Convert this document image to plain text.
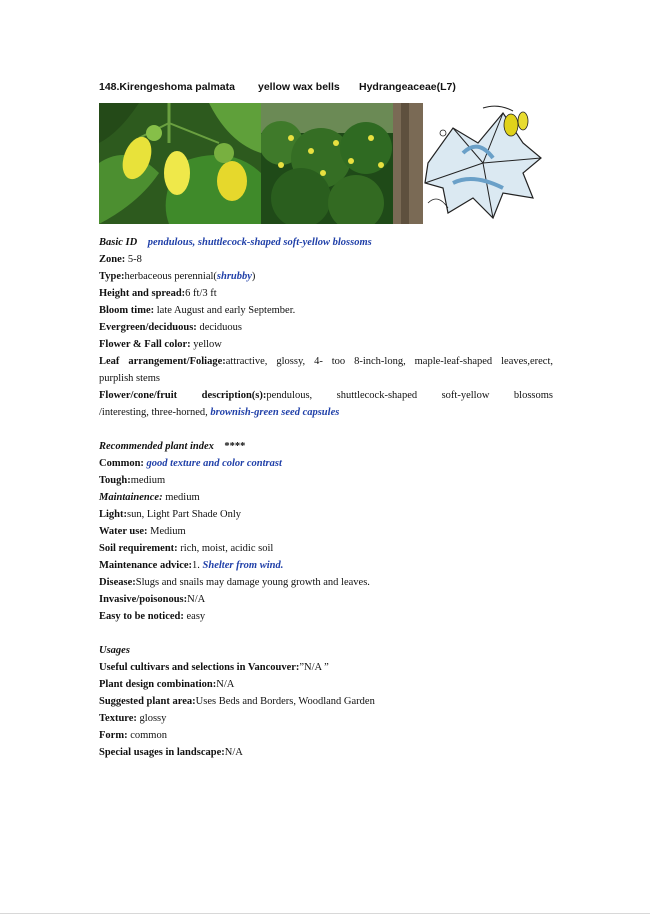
148.Kirengeshoma palmata yellow wax bells Hydrangeaceae(L7)
Basic ID pendulous, shuttlecock-shaped soft-yellow blossoms
Zone: 5-8
Type:herbaceous perennial(shrubby)
Height and spread:6 ft/3 ft
Bloom time: late August and early September.
Evergreen/deciduous: deciduous
Flower & Fall color: yellow
Leaf arrangement/Foliage:attractive, glossy, 4- too 8-inch-long, maple-leaf-shaped leaves,erect,
purplish stems
Flower/cone/fruit description(s):pendulous, shuttlecock-shaped soft-yellow blossoms
/interesting, three-horned, brownish-green seed capsules
Recommended plant index ****
Common: good texture and color contrast
Tough:medium
Maintainence: medium
Light:sun, Light Part Shade Only
Water use: Medium
Soil requirement: rich, moist, acidic soil
Maintenance advice:1. Shelter from wind.
Disease:Slugs and snails may damage young growth and leaves.
Invasive/poisonous:N/A
Easy to be noticed: easy
Usages
Useful cultivars and selections in Vancouver:”N/A ”
Plant design combination:N/A
Suggested plant area:Uses Beds and Borders, Woodland Garden
Texture: glossy
Form: common
Special usages in landscape:N/A
